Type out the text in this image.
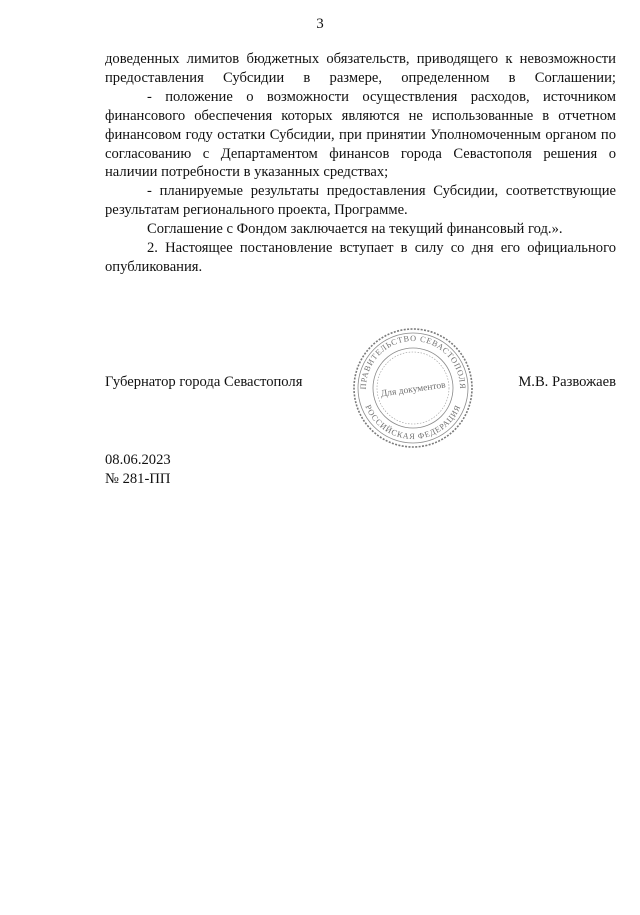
3

доведенных лимитов бюджетных обязательств, приводящего к невозможности предоставления Субсидии в размере, определенном в Соглашении;

- положение о возможности осуществления расходов, источником финансового обеспечения которых являются не использованные в отчетном финансовом году остатки Субсидии, при принятии Уполномоченным органом по согласованию с Департаментом финансов города Севастополя решения о наличии потребности в указанных средствах;

- планируемые результаты предоставления Субсидии, соответствующие результатам регионального проекта, Программе.

Соглашение с Фондом заключается на текущий финансовый год.».

2. Настоящее постановление вступает в силу со дня его официального опубликования.

Губернатор города Севастополя	М.В. Развожаев
ПРАВИТЕЛЬСТВО СЕВАСТОПОЛЯ
РОССИЙСКАЯ ФЕДЕРАЦИЯ
Для документов
08.06.2023
№ 281-ПП
